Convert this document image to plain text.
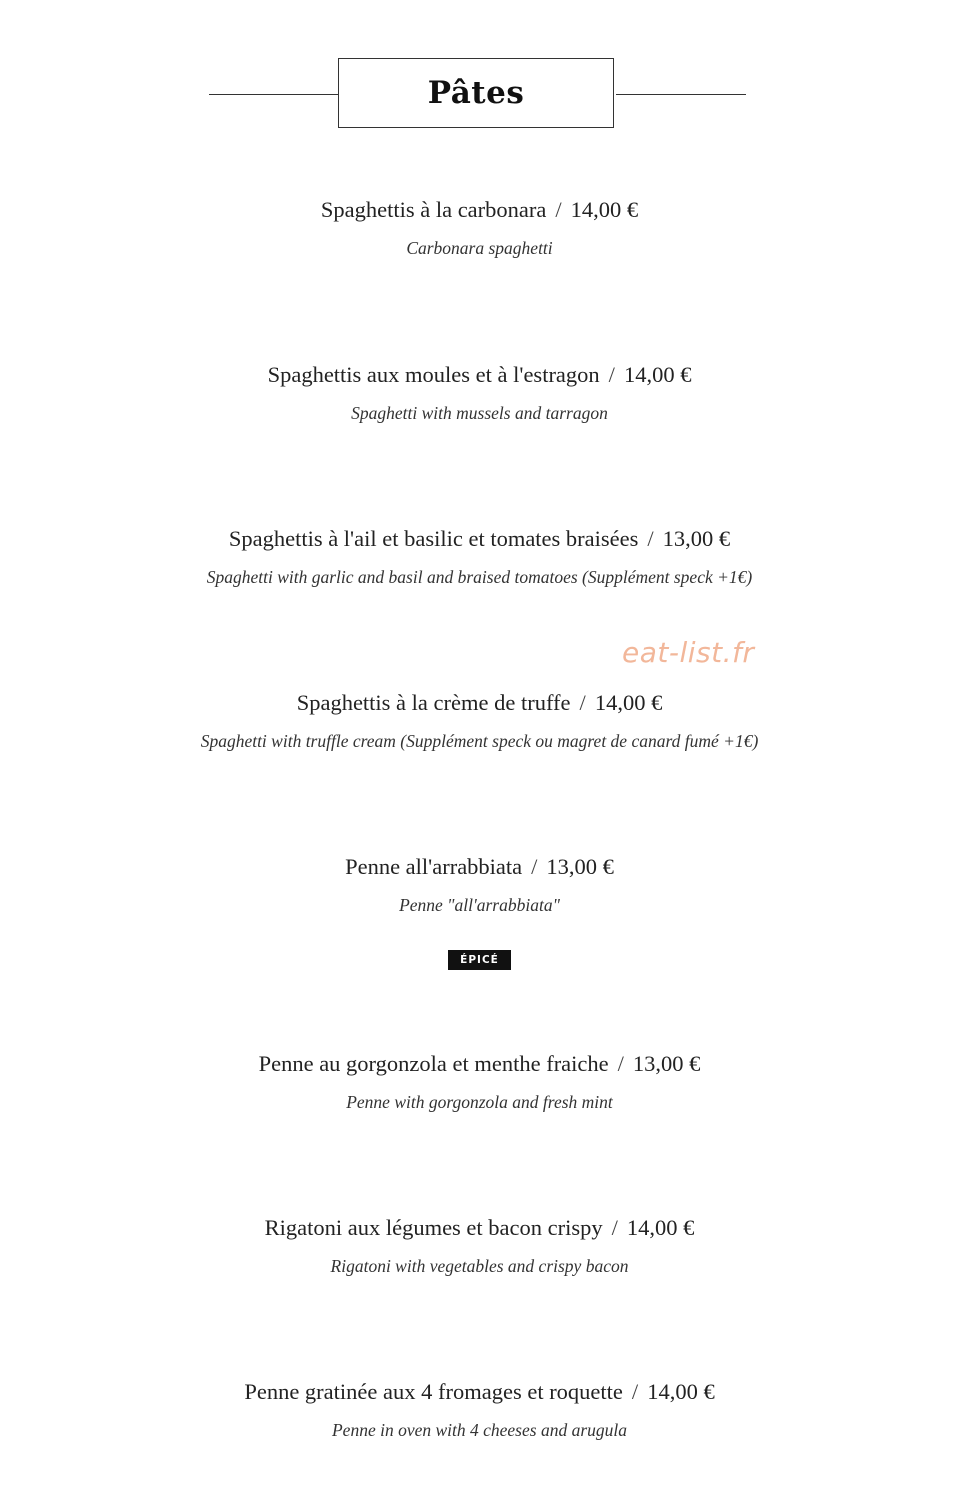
Pâtes
Spaghettis à la carbonara / 14,00 €
Carbonara spaghetti
Spaghettis aux moules et à l'estragon / 14,00 €
Spaghetti with mussels and tarragon
Spaghettis à l'ail et basilic et tomates braisées / 13,00 €
Spaghetti with garlic and basil and braised tomatoes (Supplément speck +1€)
eat-list.fr
Spaghettis à la crème de truffe / 14,00 €
Spaghetti with truffle cream (Supplément speck ou magret de canard fumé +1€)
Penne all'arrabbiata / 13,00 €
Penne "all'arrabbiata"
ÉPICÉ
Penne au gorgonzola et menthe fraiche / 13,00 €
Penne with gorgonzola and fresh mint
Rigatoni aux légumes et bacon crispy / 14,00 €
Rigatoni with vegetables and crispy bacon
Penne gratinée aux 4 fromages et roquette / 14,00 €
Penne in oven with 4 cheeses and arugula
